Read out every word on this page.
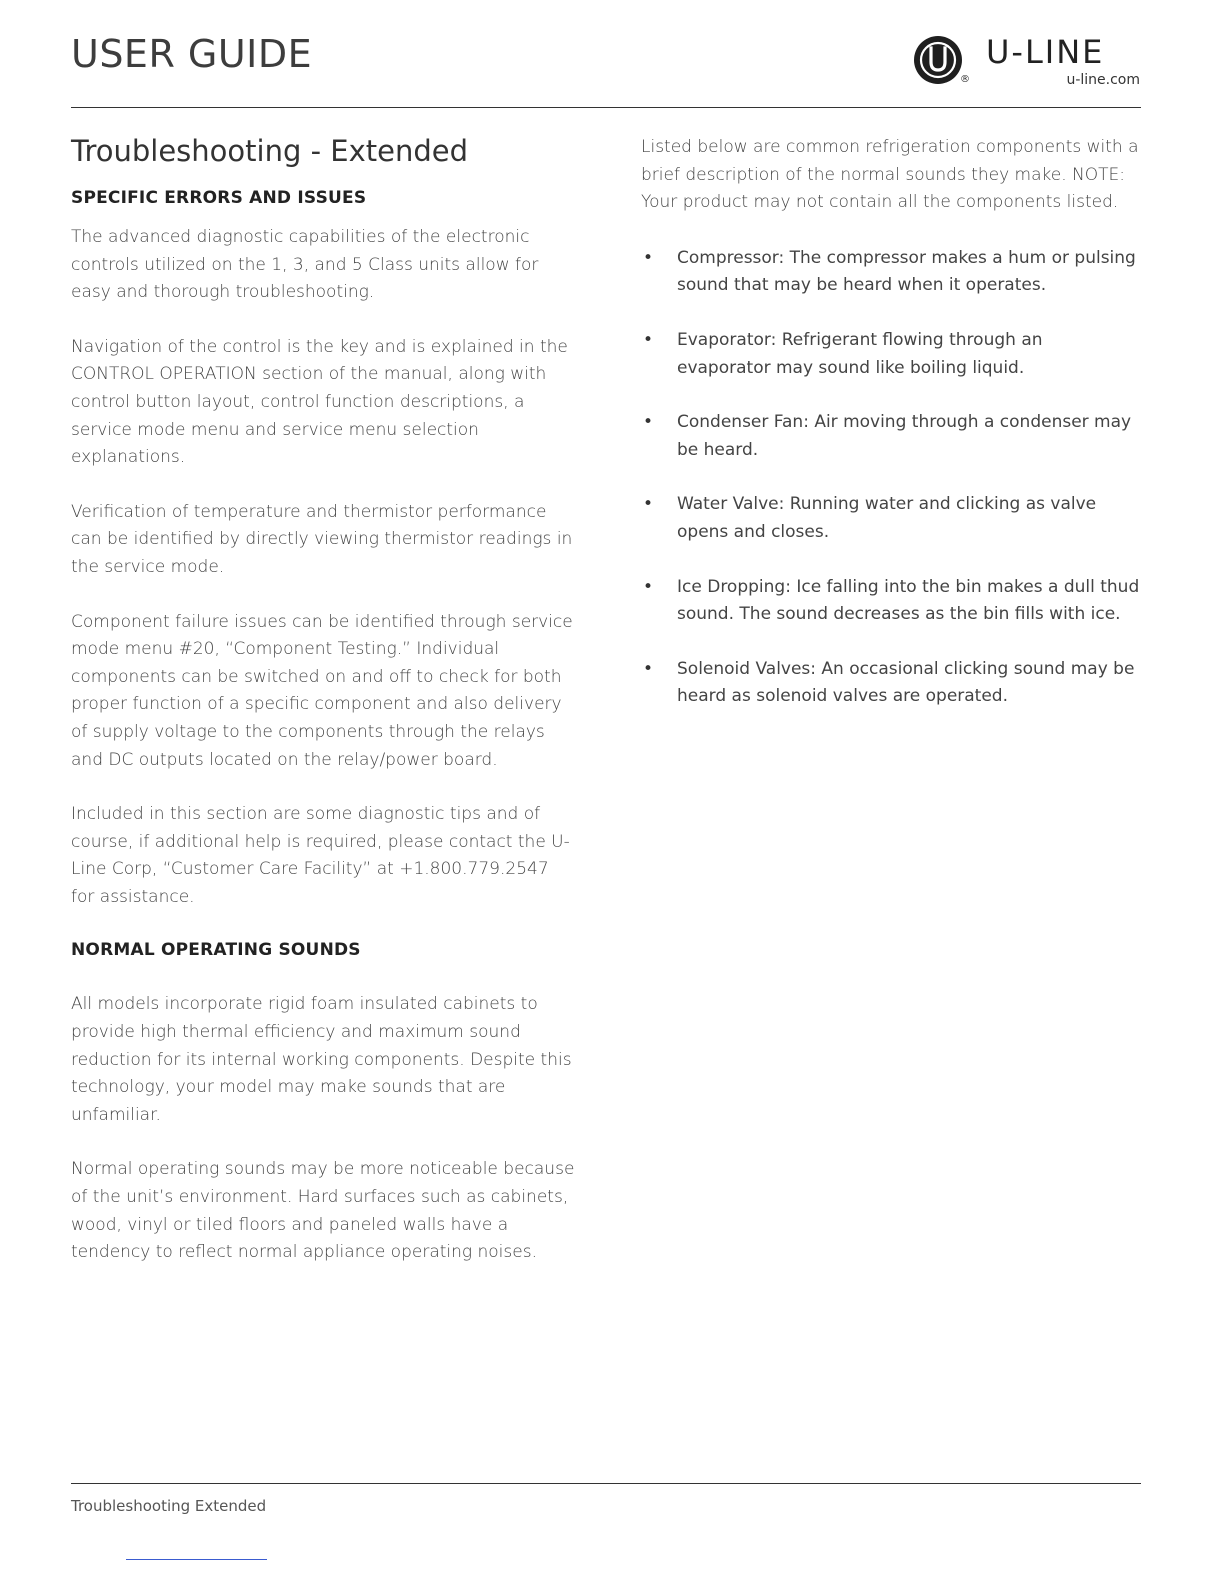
USER GUIDE
®
U-LINE
u-line.com
Troubleshooting - Extended
SPECIFIC ERRORS AND ISSUES

The advanced diagnostic capabilities of the electronic controls utilized on the 1, 3, and 5 Class units allow for easy and thorough troubleshooting.

Navigation of the control is the key and is explained in the CONTROL OPERATION section of the manual, along with control button layout, control function descriptions, a service mode menu and service menu selection explanations.

Verification of temperature and thermistor performance can be identified by directly viewing thermistor readings in the service mode.

Component failure issues can be identified through service mode menu #20, “Component Testing.” Individual components can be switched on and off to check for both proper function of a specific component and also delivery of supply voltage to the components through the relays and DC outputs located on the relay/power board.

Included in this section are some diagnostic tips and of course, if additional help is required, please contact the U-Line Corp, “Customer Care Facility” at +1.800.779.2547 for assistance.

NORMAL OPERATING SOUNDS

All models incorporate rigid foam insulated cabinets to provide high thermal efficiency and maximum sound reduction for its internal working components. Despite this technology, your model may make sounds that are unfamiliar.

Normal operating sounds may be more noticeable because of the unit’s environment. Hard surfaces such as cabinets, wood, vinyl or tiled floors and paneled walls have a tendency to reflect normal appliance operating noises.

Listed below are common refrigeration components with a brief description of the normal sounds they make. NOTE: Your product may not contain all the components listed.

• Compressor: The compressor makes a hum or pulsing sound that may be heard when it operates.
• Evaporator: Refrigerant flowing through an evaporator may sound like boiling liquid.
• Condenser Fan: Air moving through a condenser may be heard.
• Water Valve: Running water and clicking as valve opens and closes.
• Ice Dropping: Ice falling into the bin makes a dull thud sound. The sound decreases as the bin fills with ice.
• Solenoid Valves: An occasional clicking sound may be heard as solenoid valves are operated.
Troubleshooting Extended
